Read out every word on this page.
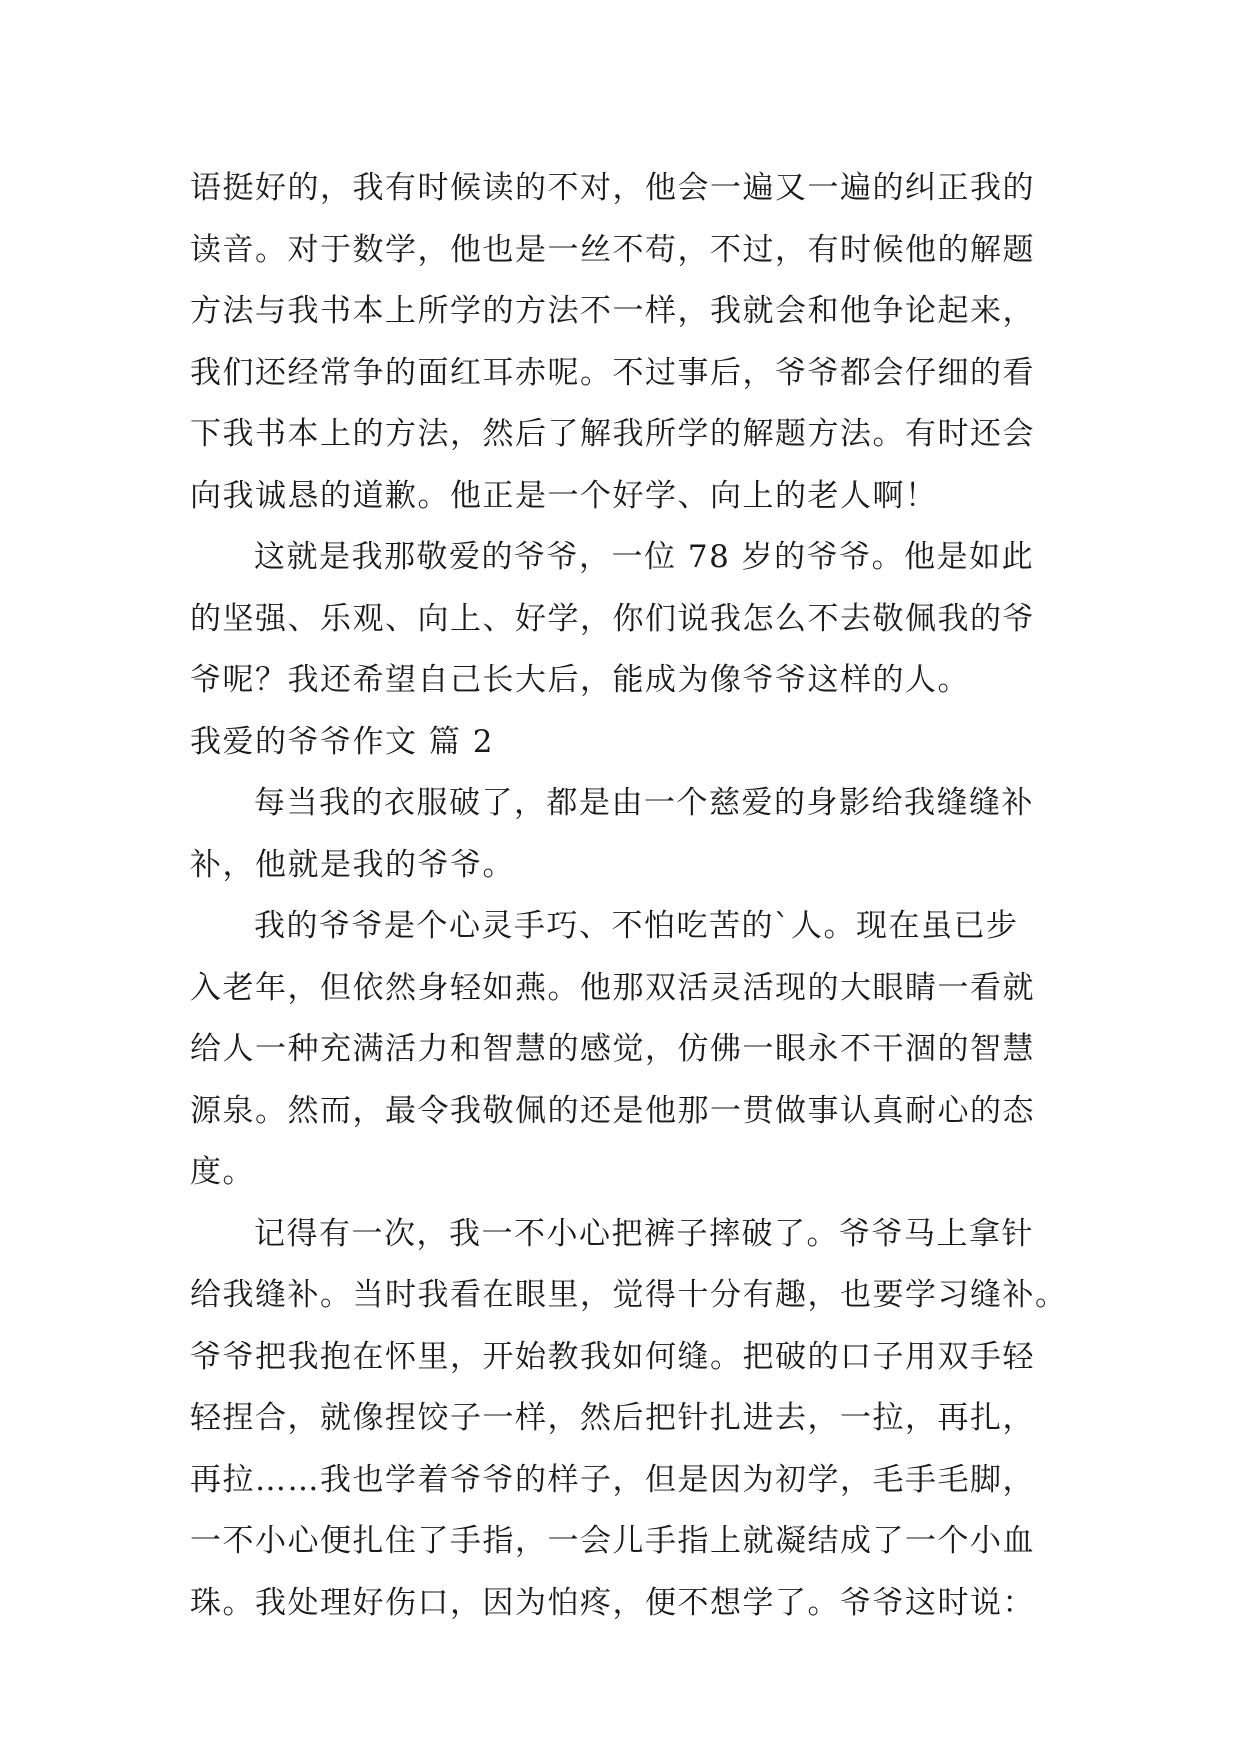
语挺好的，我有时候读的不对，他会一遍又一遍的纠正我的
读音。对于数学，他也是一丝不苟，不过，有时候他的解题
方法与我书本上所学的方法不一样，我就会和他争论起来，
我们还经常争的面红耳赤呢。不过事后，爷爷都会仔细的看
下我书本上的方法，然后了解我所学的解题方法。有时还会
向我诚恳的道歉。他正是一个好学、向上的老人啊！

这就是我那敬爱的爷爷，一位 78 岁的爷爷。他是如此
的坚强、乐观、向上、好学，你们说我怎么不去敬佩我的爷
爷呢？我还希望自己长大后，能成为像爷爷这样的人。

我爱的爷爷作文 篇 2

每当我的衣服破了，都是由一个慈爱的身影给我缝缝补
补，他就是我的爷爷。

我的爷爷是个心灵手巧、不怕吃苦的`人。现在虽已步
入老年，但依然身轻如燕。他那双活灵活现的大眼睛一看就
给人一种充满活力和智慧的感觉，仿佛一眼永不干涸的智慧
源泉。然而，最令我敬佩的还是他那一贯做事认真耐心的态
度。

记得有一次，我一不小心把裤子摔破了。爷爷马上拿针
给我缝补。当时我看在眼里，觉得十分有趣，也要学习缝补。
爷爷把我抱在怀里，开始教我如何缝。把破的口子用双手轻
轻捏合，就像捏饺子一样，然后把针扎进去，一拉，再扎，
再拉……我也学着爷爷的样子，但是因为初学，毛手毛脚，
一不小心便扎住了手指，一会儿手指上就凝结成了一个小血
珠。我处理好伤口，因为怕疼，便不想学了。爷爷这时说：
